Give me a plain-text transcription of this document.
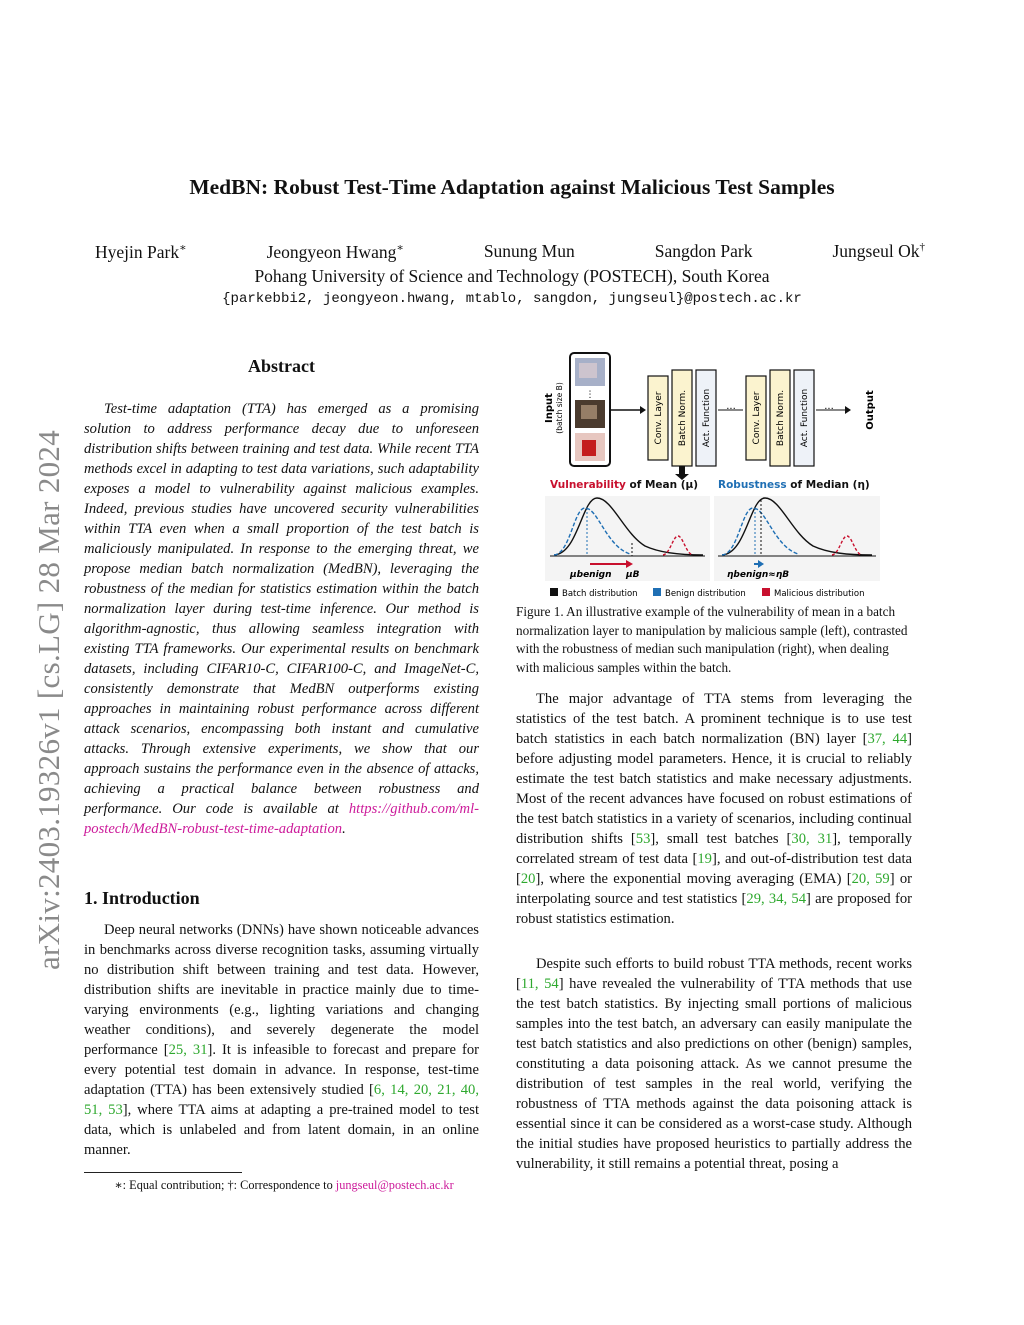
arXiv:2403.19326v1 [cs.LG] 28 Mar 2024
MedBN: Robust Test-Time Adaptation against Malicious Test Samples
Hyejin Park∗	Jeongyeon Hwang∗	Sunung Mun	Sangdon Park	Jungseul Ok†
Pohang University of Science and Technology (POSTECH), South Korea
{parkebbi2, jeongyeon.hwang, mtablo, sangdon, jungseul}@postech.ac.kr
Abstract

Test-time adaptation (TTA) has emerged as a promising solution to address performance decay due to unforeseen distribution shifts between training and test data. While recent TTA methods excel in adapting to test data variations, such adaptability exposes a model to vulnerability against malicious examples. Indeed, previous studies have uncovered security vulnerabilities within TTA even when a small proportion of the test batch is maliciously manipulated. In response to the emerging threat, we propose median batch normalization (MedBN), leveraging the robustness of the median for statistics estimation within the batch normalization layer during test-time inference. Our method is algorithm-agnostic, thus allowing seamless integration with existing TTA frameworks. Our experimental results on benchmark datasets, including CIFAR10-C, CIFAR100-C, and ImageNet-C, consistently demonstrate that MedBN outperforms existing approaches in maintaining robust performance across different attack scenarios, encompassing both instant and cumulative attacks. Through extensive experiments, we show that our approach sustains the performance even in the absence of attacks, achieving a practical balance between robustness and performance. Our code is available at https://github.com/ml-postech/MedBN-robust-test-time-adaptation.

1. Introduction

Deep neural networks (DNNs) have shown noticeable advances in benchmarks across diverse recognition tasks, assuming virtually no distribution shift between training and test data. However, distribution shifts are inevitable in practice mainly due to time-varying environments (e.g., lighting variations and changing weather conditions), and severely degenerate the model performance [25, 31]. It is infeasible to forecast and prepare for every potential test domain in advance. In response, test-time adaptation (TTA) has been extensively studied [6, 14, 20, 21, 40, 51, 53], where TTA aims at adapting a pre-trained model to test data, which is unlabeled and from latent domain, in an online manner.

∗: Equal contribution; †: Correspondence to jungseul@postech.ac.kr
Input (batch size B) ⋮	Conv. Layer Batch Norm. Act. Function ··· Conv. Layer Batch Norm. Act. Function ···	Output
Vulnerability of Mean (μ) Robustness of Median (η)
μbenign μB	ηbenign≈ηB
Batch distribution	Benign distribution	Malicious distribution

Figure 1. An illustrative example of the vulnerability of mean in a batch normalization layer to manipulation by malicious sample (left), contrasted with the robustness of median such manipulation (right), when dealing with malicious samples within the batch.

The major advantage of TTA stems from leveraging the statistics of the test batch. A prominent technique is to use test batch statistics in each batch normalization (BN) layer [37, 44] before adjusting model parameters. Hence, it is crucial to reliably estimate the test batch statistics and make necessary adjustments. Most of the recent advances have focused on robust estimations of the test batch statistics in a variety of scenarios, including continual distribution shifts [53], small test batches [30, 31], temporally correlated stream of test data [19], and out-of-distribution test data [20], where the exponential moving averaging (EMA) [20, 59] or interpolating source and test statistics [29, 34, 54] are proposed for robust statistics estimation.

Despite such efforts to build robust TTA methods, recent works [11, 54] have revealed the vulnerability of TTA methods that use the test batch statistics. By injecting small portions of malicious samples into the test batch, an adversary can easily manipulate the test batch statistics and also predictions on other (benign) samples, constituting a data poisoning attack. As we cannot presume the distribution of test samples in the real world, verifying the robustness of TTA methods against the data poisoning attack is essential since it can be considered as a worst-case study. Although the initial studies have proposed heuristics to partially address the vulnerability, it still remains a potential threat, posing a
